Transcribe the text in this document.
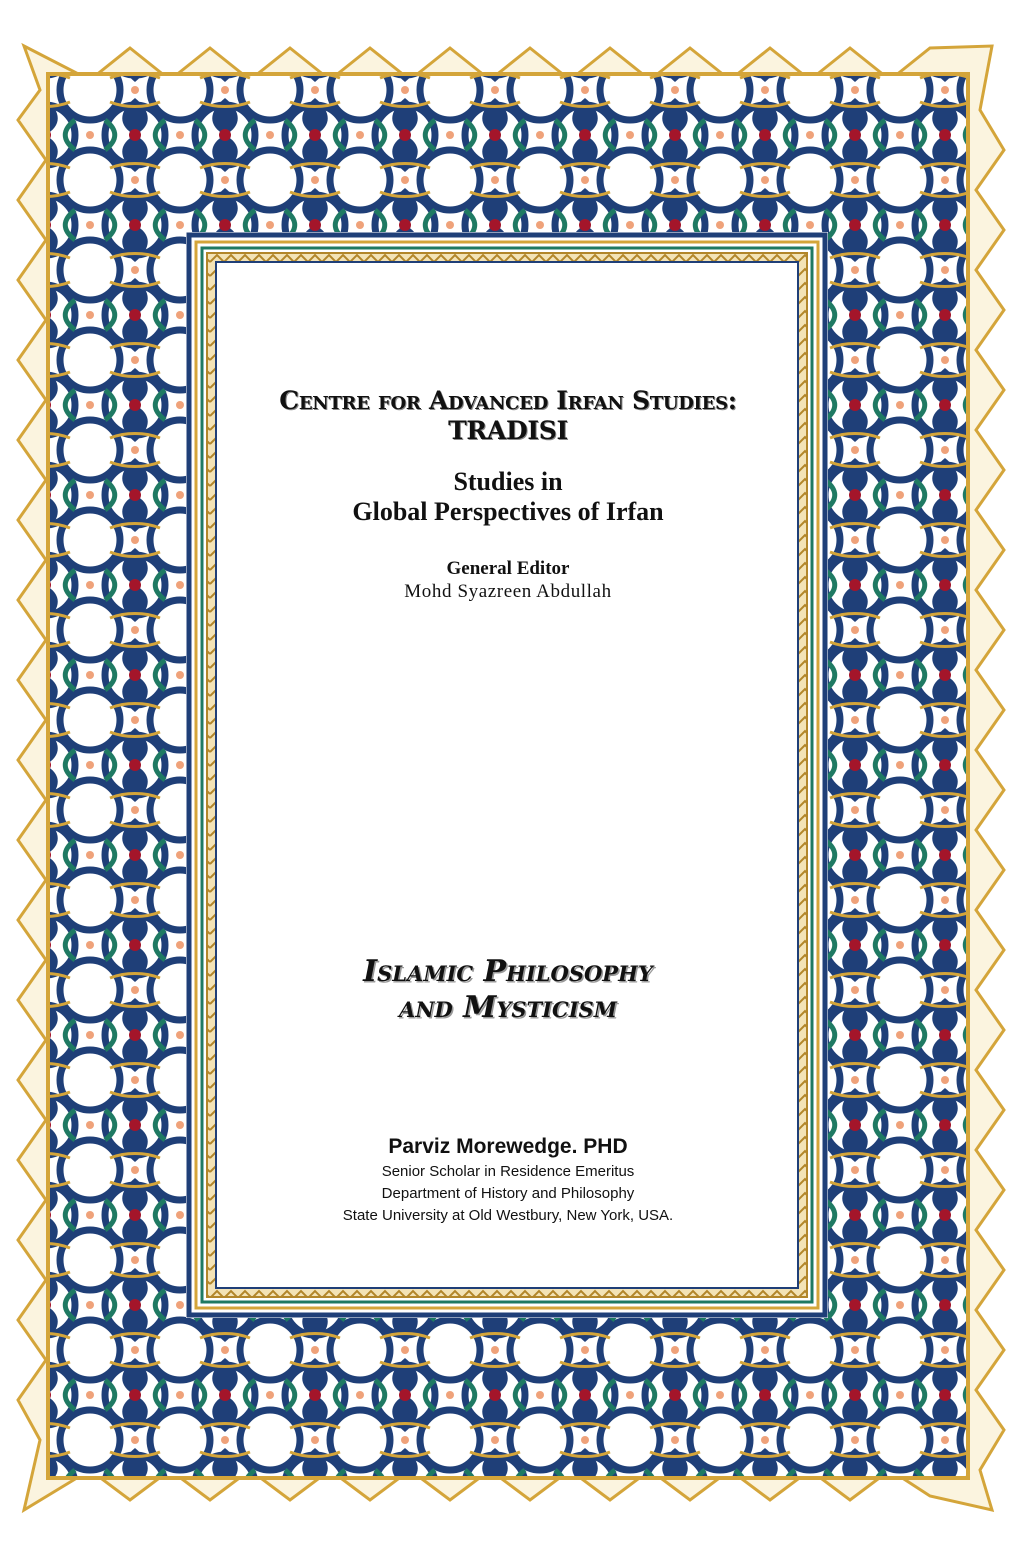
Centre for Advanced Irfan Studies:
TRADISI
Studies in
Global Perspectives of Irfan
General Editor
Mohd Syazreen Abdullah
Islamic Philosophy
and Mysticism
Parviz Morewedge. PHD
Senior Scholar in Residence Emeritus
Department of History and Philosophy
State University at Old Westbury, New York, USA.
